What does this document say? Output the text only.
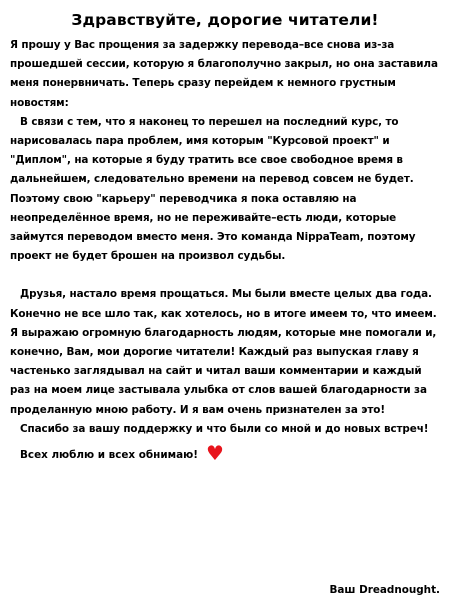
Здравствуйте, дорогие читатели!

Я прошу у Вас прощения за задержку перевода–все снова из-за прошедшей сессии, которую я благополучно закрыл, но она заставила меня понервничать. Теперь сразу перейдем к немного грустным новостям:

В связи с тем, что я наконец то перешел на последний курс, то нарисовалась пара проблем, имя которым "Курсовой проект" и "Диплом", на которые я буду тратить все свое свободное время в дальнейшем, следовательно времени на перевод совсем не будет. Поэтому свою "карьеру" переводчика я пока оставляю на неопределённое время, но не переживайте–есть люди, которые займутся переводом вместо меня. Это команда NippaTeam, поэтому проект не будет брошен на произвол судьбы.

Друзья, настало время прощаться. Мы были вместе целых два года. Конечно не все шло так, как хотелось, но в итоге имеем то, что имеем. Я выражаю огромную благодарность людям, которые мне помогали и, конечно, Вам, мои дорогие читатели! Каждый раз выпуская главу я частенько заглядывал на сайт и читал ваши комментарии и каждый раз на моем лице застывала улыбка от слов вашей благодарности за проделанную мною работу. И я вам очень признателен за это!

Спасибо за вашу поддержку и что были со мной и до новых встреч!

Всех люблю и всех обнимаю! ♥
Ваш Dreadnought.
